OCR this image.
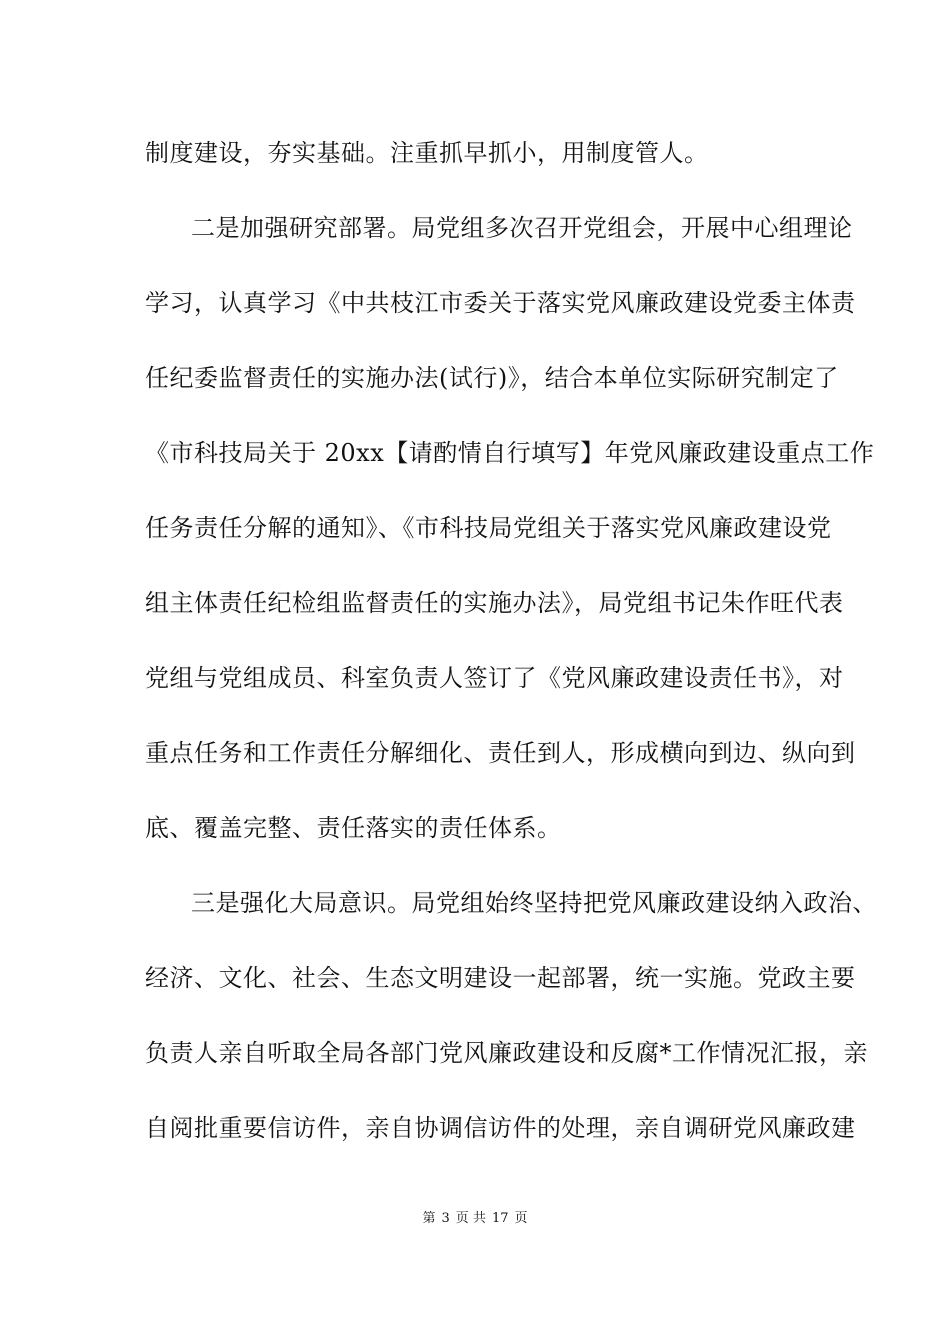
制度建设，夯实基础。注重抓早抓小，用制度管人。
二是加强研究部署。局党组多次召开党组会，开展中心组理论
学习，认真学习《中共枝江市委关于落实党风廉政建设党委主体责
任纪委监督责任的实施办法(试行)》，结合本单位实际研究制定了
《市科技局关于 20xx【请酌情自行填写】年党风廉政建设重点工作
任务责任分解的通知》、《市科技局党组关于落实党风廉政建设党
组主体责任纪检组监督责任的实施办法》，局党组书记朱作旺代表
党组与党组成员、科室负责人签订了《党风廉政建设责任书》，对
重点任务和工作责任分解细化、责任到人，形成横向到边、纵向到
底、覆盖完整、责任落实的责任体系。
三是强化大局意识。局党组始终坚持把党风廉政建设纳入政治、
经济、文化、社会、生态文明建设一起部署，统一实施。党政主要
负责人亲自听取全局各部门党风廉政建设和反腐*工作情况汇报，亲
自阅批重要信访件，亲自协调信访件的处理，亲自调研党风廉政建
第 3 页 共 17 页
